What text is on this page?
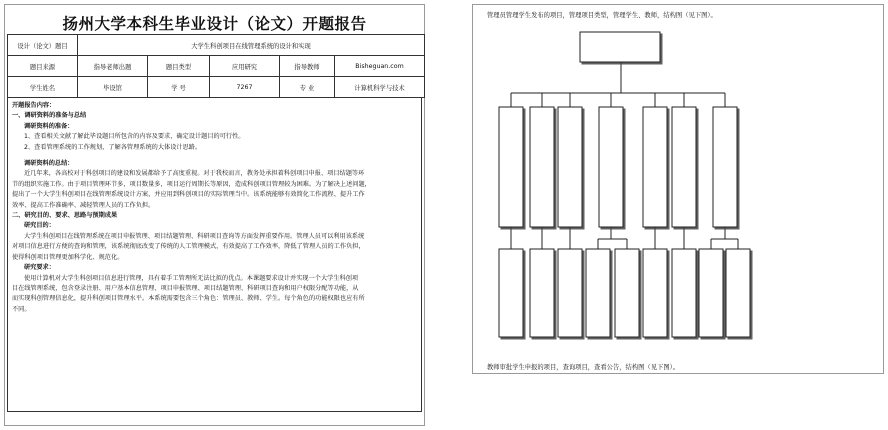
扬州大学本科生毕业设计（论文）开题报告
设计（论文）题目	大学生科创项目在线管理系统的设计和实现				
题目来源	指导老师出题	题目类型	应用研究	指导教师	Bisheguan.com
学生姓名	毕设馆	学 号	7267	专 业	计算机科学与技术

开题报告内容：

一、调研资料的准备与总结

调研资料的准备：

1、查看相关文献了解此毕设题目所包含的内容及要求，确定设计题目的可行性。

2、查看管理系统的工作规划，了解各管理系统的大体设计思路。

调研资料的总结：

近几年来，各高校对于科创项目的建设和发展都给予了高度重视。对于我校而言，教务处承担着科创项目申报、项目结题等环

节的组织实施工作。由于项目管理环节多，项目数量多，项目运行周期长等原因，造成科创项目管理较为困难。为了解决上述问题，

提出了一个大学生科创项目在线管理系统设计方案，并应用到科创项目的实际管理当中。该系统能够有效简化工作流程、提升工作

效率、提高工作准确率、减轻管理人员的工作负担。

二、研究目的、要求、思路与预期成果

研究目的：

大学生科创项目在线管理系统在项目申报管理、项目结题管理、科研项目查询等方面发挥重要作用。管理人员可以利用该系统

对项目信息进行方便的查询和管理，该系统彻底改变了传统的人工管理模式，有效提高了工作效率，降低了管理人员的工作负担，

使得科创项目管理更加科学化、规范化。

研究要求：

使用计算机对大学生科创项目信息进行管理，具有着手工管理所无法比拟的优点。本课题要求设计并实现一个大学生科创项

目在线管理系统，包含登录注册、用户基本信息管理、项目申报管理、项目结题管理、科研项目查询和用户权限分配等功能，从

而实现科创管理信息化，提升科创项目管理水平。本系统需要包含三个角色：管理员、教师、学生。每个角色的功能权限也应有所

不同。

管理员管理学生发布的项目，管理项目类型，管理学生、教师，结构图（见下图）。
教师审批学生申报的项目，查询项目，查看公告，结构图（见下图）。
